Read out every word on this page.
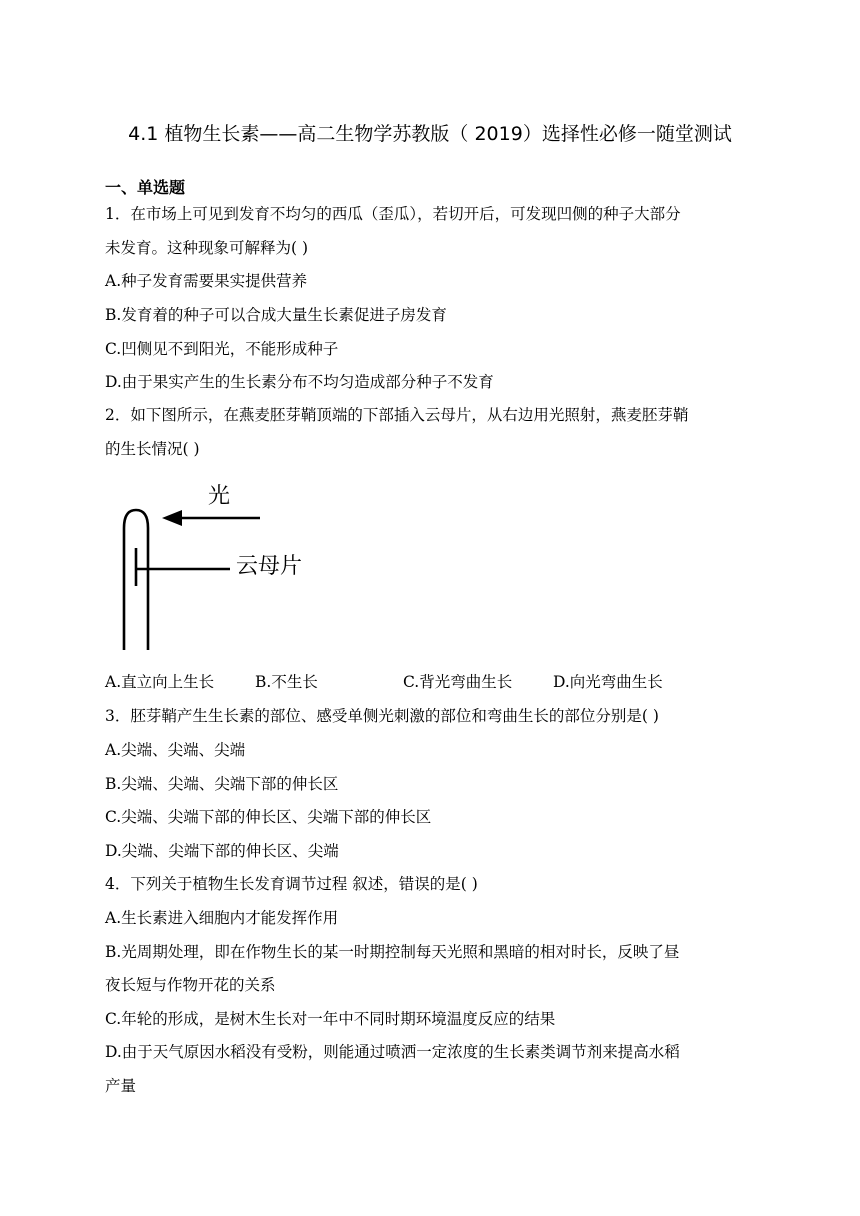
4.1 植物生长素——高二生物学苏教版（ 2019）选择性必修一随堂测试
一、单选题
1．在市场上可见到发育不均匀的西瓜（歪瓜），若切开后，可发现凹侧的种子大部分
未发育。这种现象可解释为( )
A.种子发育需要果实提供营养
B.发育着的种子可以合成大量生长素促进子房发育
C.凹侧见不到阳光，不能形成种子
D.由于果实产生的生长素分布不均匀造成部分种子不发育
2．如下图所示，在燕麦胚芽鞘顶端的下部插入云母片，从右边用光照射，燕麦胚芽鞘
的生长情况( )
光
云母片
A.直立向上生长	B.不生长	C.背光弯曲生长	D.向光弯曲生长
3．胚芽鞘产生生长素的部位、感受单侧光刺激的部位和弯曲生长的部位分别是( )
A.尖端、尖端、尖端
B.尖端、尖端、尖端下部的伸长区
C.尖端、尖端下部的伸长区、尖端下部的伸长区
D.尖端、尖端下部的伸长区、尖端
4．下列关于植物生长发育调节过程 叙述，错误的是( )
A.生长素进入细胞内才能发挥作用
B.光周期处理，即在作物生长的某一时期控制每天光照和黑暗的相对时长，反映了昼
夜长短与作物开花的关系
C.年轮的形成，是树木生长对一年中不同时期环境温度反应的结果
D.由于天气原因水稻没有受粉，则能通过喷洒一定浓度的生长素类调节剂来提高水稻
产量
